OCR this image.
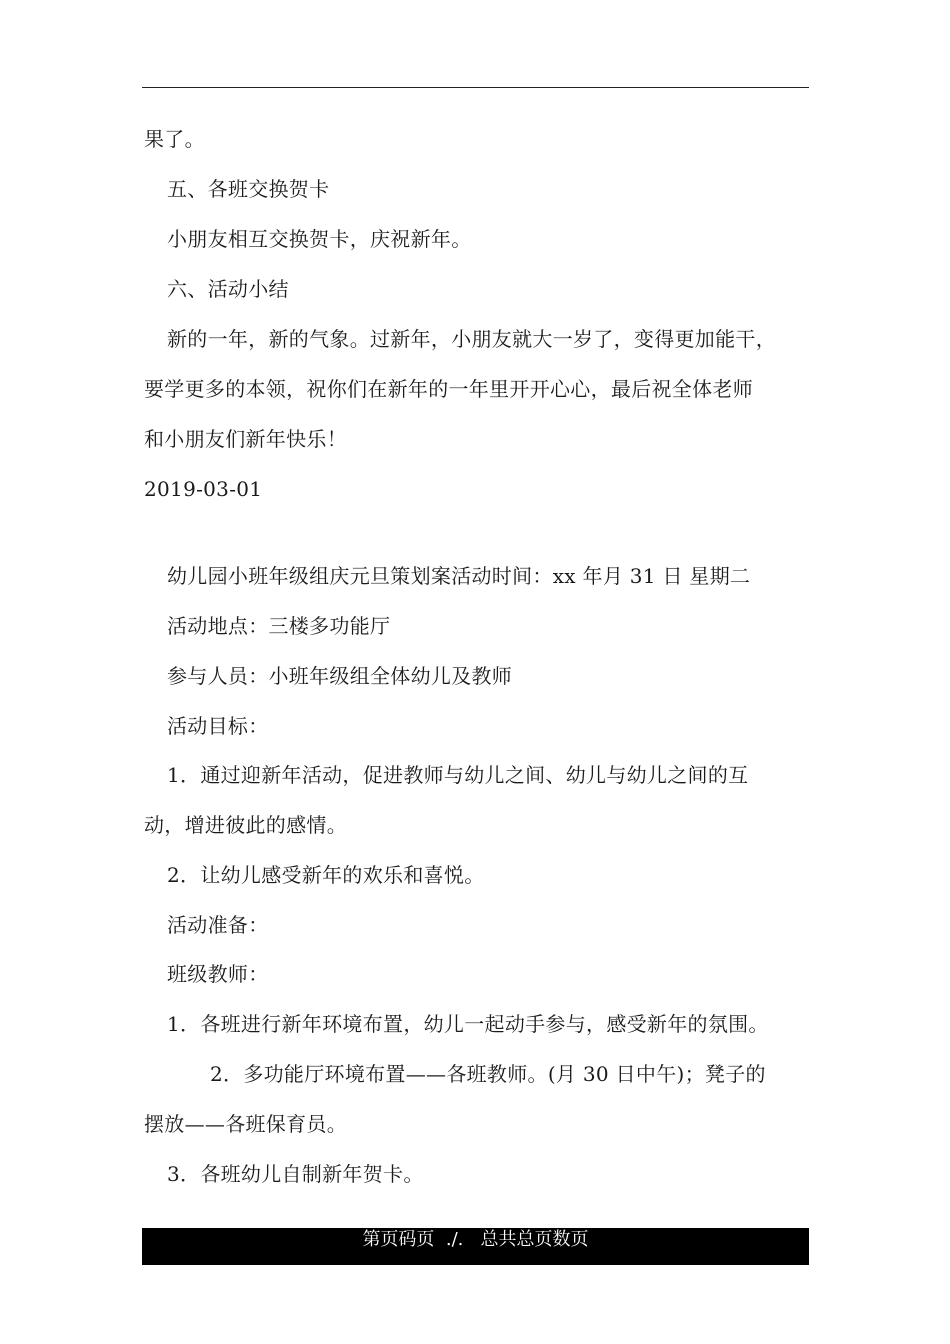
果了。
五、各班交换贺卡
小朋友相互交换贺卡，庆祝新年。
六、活动小结
新的一年，新的气象。过新年，小朋友就大一岁了，变得更加能干，
要学更多的本领，祝你们在新年的一年里开开心心，最后祝全体老师
和小朋友们新年快乐！
2019-03-01
幼儿园小班年级组庆元旦策划案活动时间：xx 年月 31 日 星期二
活动地点：三楼多功能厅
参与人员：小班年级组全体幼儿及教师
活动目标：
1．通过迎新年活动，促进教师与幼儿之间、幼儿与幼儿之间的互
动，增进彼此的感情。
2．让幼儿感受新年的欢乐和喜悦。
活动准备：
班级教师：
1．各班进行新年环境布置，幼儿一起动手参与，感受新年的氛围。
2．多功能厅环境布置——各班教师。(月 30 日中午)；凳子的
摆放——各班保育员。
3．各班幼儿自制新年贺卡。
第页码页  ./.   总共总页数页
